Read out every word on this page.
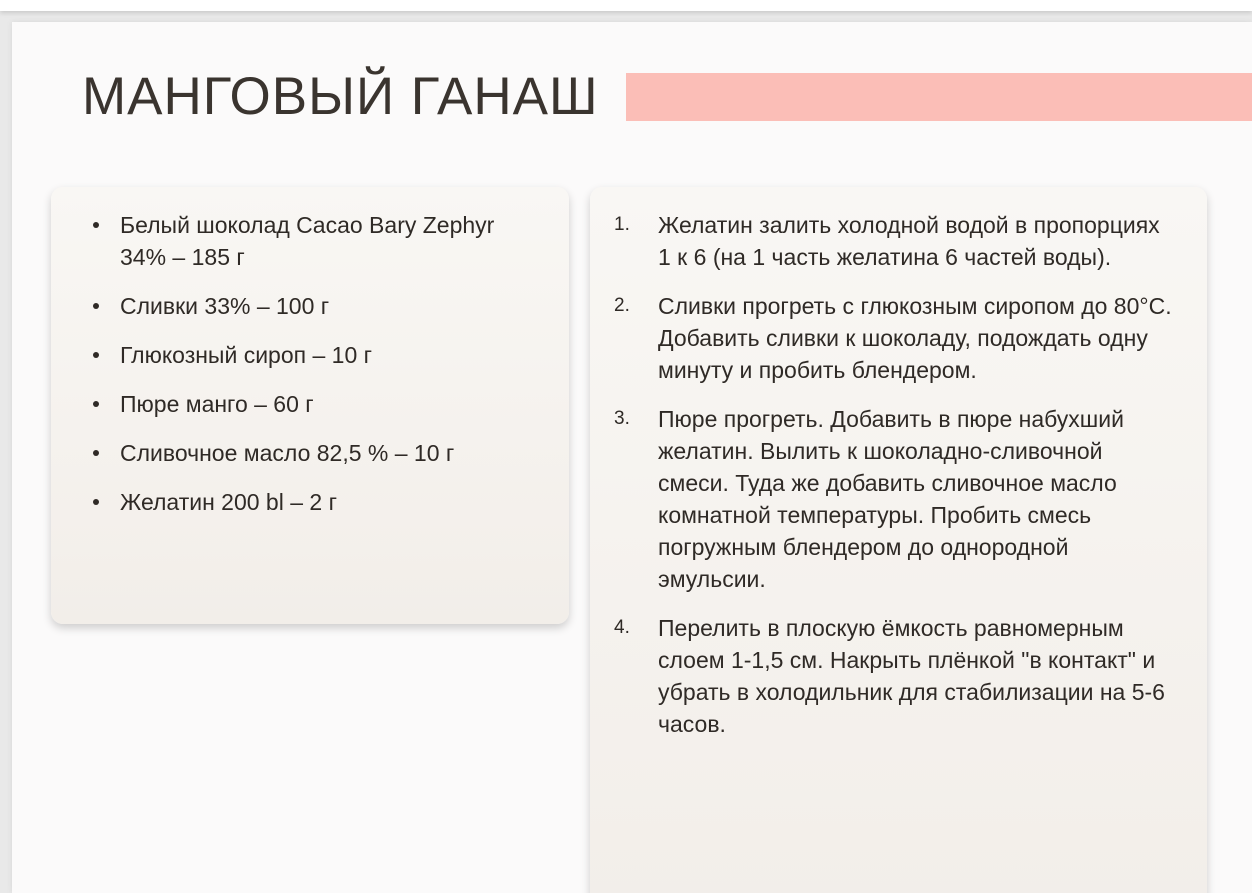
МАНГОВЫЙ ГАНАШ
Белый шоколад Cacao Bary Zephyr 34% – 185 г
Сливки 33% – 100 г
Глюкозный сироп – 10 г
Пюре манго – 60 г
Сливочное масло 82,5 % – 10 г
Желатин 200 bl – 2 г
1. Желатин залить холодной водой в пропорциях 1 к 6 (на 1 часть желатина 6 частей воды).
2. Сливки прогреть с глюкозным сиропом до 80°С. Добавить сливки к шоколаду, подождать одну минуту и пробить блендером.
3. Пюре прогреть. Добавить в пюре набухший желатин. Вылить к шоколадно-сливочной смеси. Туда же добавить сливочное масло комнатной температуры. Пробить смесь погружным блендером до однородной эмульсии.
4. Перелить в плоскую ёмкость равномерным слоем 1-1,5 см. Накрыть плёнкой "в контакт" и убрать в холодильник для стабилизации на 5-6 часов.
